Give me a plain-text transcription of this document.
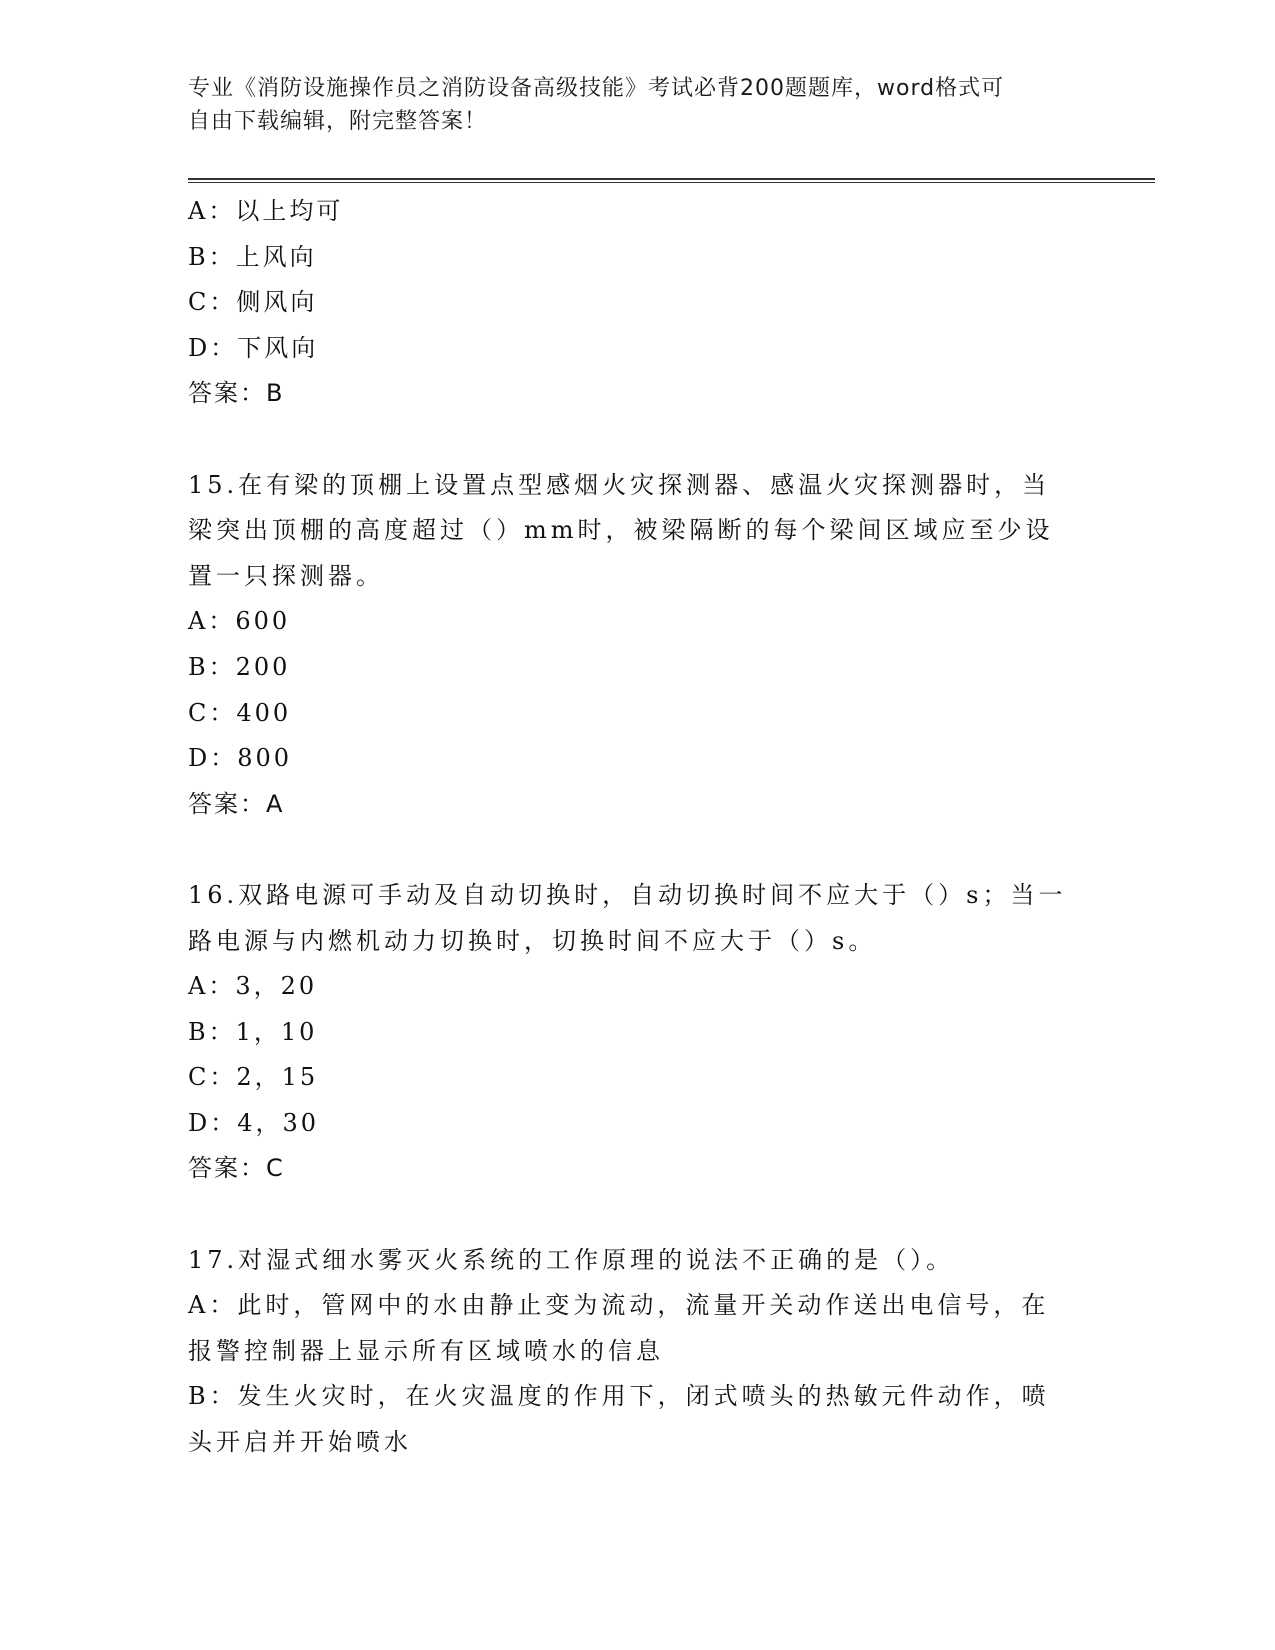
专业《消防设施操作员之消防设备高级技能》考试必背200题题库，word格式可
自由下载编辑，附完整答案！
A：以上均可
B：上风向
C：侧风向
D：下风向
答案：B
15.在有梁的顶棚上设置点型感烟火灾探测器、感温火灾探测器时，当梁突出顶棚的高度超过（）mm时，被梁隔断的每个梁间区域应至少设置一只探测器。
A：600
B：200
C：400
D：800
答案：A
16.双路电源可手动及自动切换时，自动切换时间不应大于（）s；当一路电源与内燃机动力切换时，切换时间不应大于（）s。
A：3，20
B：1，10
C：2，15
D：4，30
答案：C
17.对湿式细水雾灭火系统的工作原理的说法不正确的是（）。
A：此时，管网中的水由静止变为流动，流量开关动作送出电信号，在报警控制器上显示所有区域喷水的信息
B：发生火灾时，在火灾温度的作用下，闭式喷头的热敏元件动作，喷头开启并开始喷水
